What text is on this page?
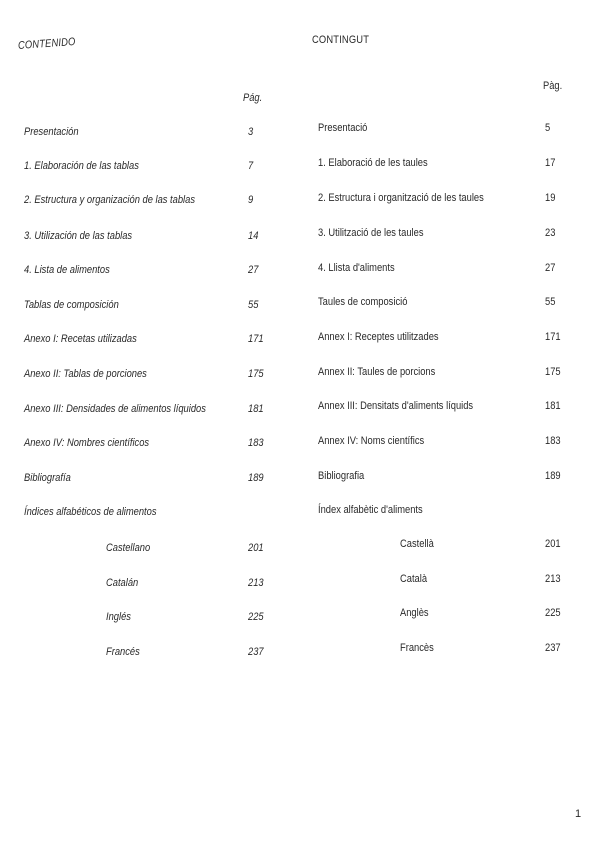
CONTENIDO
Pág.
Presentación	3
1. Elaboración de las tablas	7
2. Estructura y organización de las tablas	9
3. Utilización de las tablas	14
4. Lista de alimentos	27
Tablas de composición	55
Anexo I: Recetas utilizadas	171
Anexo II: Tablas de porciones	175
Anexo III: Densidades de alimentos líquidos	181
Anexo IV: Nombres científicos	183
Bibliografía	189
Índices alfabéticos de alimentos
Castellano	201
Catalán	213
Inglés	225
Francés	237
CONTINGUT
Pàg.
Presentació	5
1. Elaboració de les taules	17
2. Estructura i organització de les taules	19
3. Utilització de les taules	23
4. Llista d'aliments	27
Taules de composició	55
Annex I: Receptes utilitzades	171
Annex II: Taules de porcions	175
Annex III: Densitats d'aliments líquids	181
Annex IV: Noms científics	183
Bibliografia	189
Índex alfabètic d'aliments
Castellà	201
Català	213
Anglès	225
Francès	237
1
